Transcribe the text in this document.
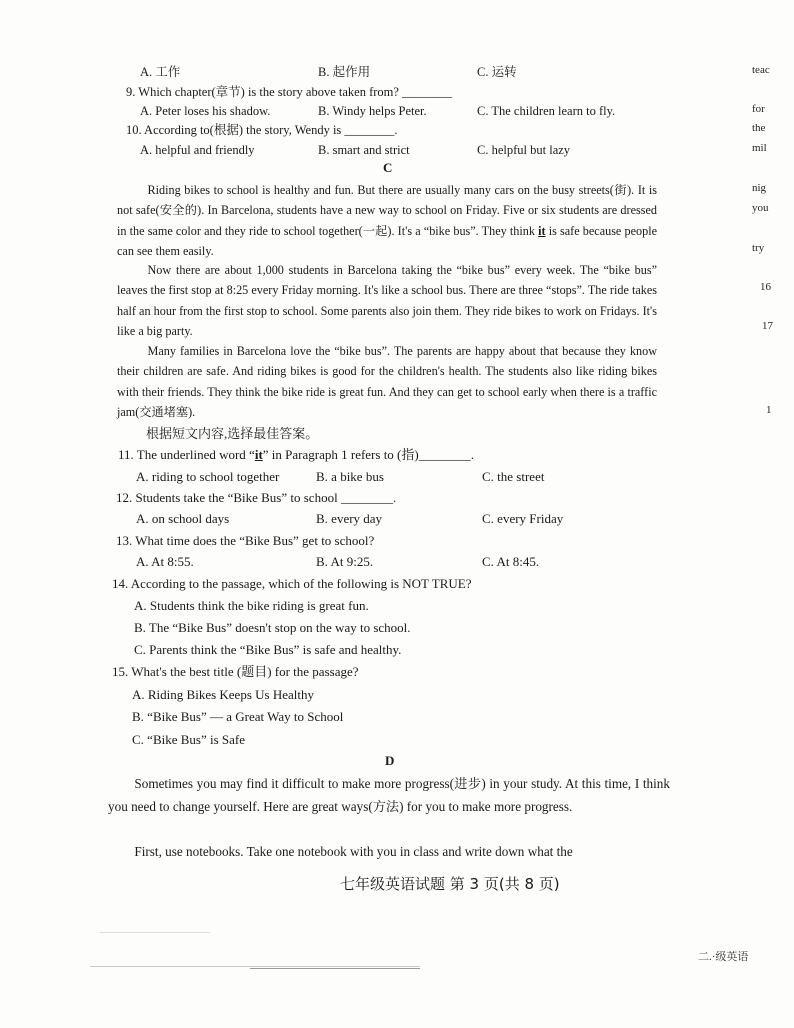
A. 工作	B. 起作用	C. 运转
9. Which chapter(章节) is the story above taken from? ________
A. Peter loses his shadow.	B. Windy helps Peter.	C. The children learn to fly.
10. According to(根据) the story, Wendy is ________.
A. helpful and friendly	B. smart and strict	C. helpful but lazy
C

Riding bikes to school is healthy and fun. But there are usually many cars on the busy streets(街). It is not safe(安全的). In Barcelona, students have a new way to school on Friday. Five or six students are dressed in the same color and they ride to school together(一起). It's a “bike bus”. They think it is safe because people can see them easily.

Now there are about 1,000 students in Barcelona taking the “bike bus” every week. The “bike bus” leaves the first stop at 8:25 every Friday morning. It's like a school bus. There are three “stops”. The ride takes half an hour from the first stop to school. Some parents also join them. They ride bikes to work on Fridays. It's like a big party.

Many families in Barcelona love the “bike bus”. The parents are happy about that because they know their children are safe. And riding bikes is good for the children's health. The students also like riding bikes with their friends. They think the bike ride is great fun. And they can get to school early when there is a traffic jam(交通堵塞).

根据短文内容,选择最佳答案。
11. The underlined word “it” in Paragraph 1 refers to (指)________.
A. riding to school together	B. a bike bus	C. the street
12. Students take the “Bike Bus” to school ________.
A. on school days	B. every day	C. every Friday
13. What time does the “Bike Bus” get to school?
A. At 8:55.	B. At 9:25.	C. At 8:45.
14. According to the passage, which of the following is NOT TRUE?
A. Students think the bike riding is great fun.
B. The “Bike Bus” doesn't stop on the way to school.
C. Parents think the “Bike Bus” is safe and healthy.
15. What's the best title (题目) for the passage?
A. Riding Bikes Keeps Us Healthy
B. “Bike Bus” — a Great Way to School
C. “Bike Bus” is Safe
D

Sometimes you may find it difficult to make more progress(进步) in your study. At this time, I think you need to change yourself. Here are great ways(方法) for you to make more progress.

First, use notebooks. Take one notebook with you in class and write down what the

七年级英语试题 第 3 页(共 8 页)
teac
for
the
mil
nig
you
try
16
17
1
二.·级英语
